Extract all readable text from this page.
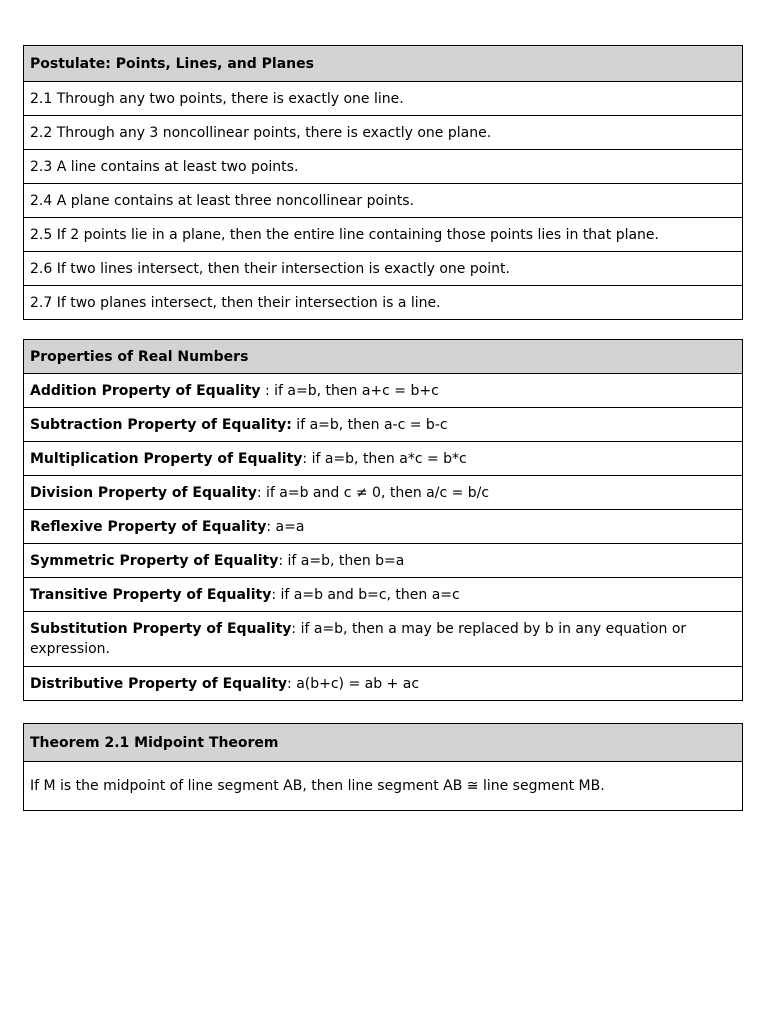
Postulate: Points, Lines, and Planes
2.1 Through any two points, there is exactly one line.
2.2 Through any 3 noncollinear points, there is exactly one plane.
2.3 A line contains at least two points.
2.4 A plane contains at least three noncollinear points.
2.5 If 2 points lie in a plane, then the entire line containing those points lies in that plane.
2.6 If two lines intersect, then their intersection is exactly one point.
2.7 If two planes intersect, then their intersection is a line.
Properties of Real Numbers
Addition Property of Equality : if a=b, then a+c = b+c
Subtraction Property of Equality: if a=b, then a-c = b-c
Multiplication Property of Equality: if a=b, then a*c = b*c
Division Property of Equality: if a=b and c ≠ 0, then a/c = b/c
Reflexive Property of Equality: a=a
Symmetric Property of Equality: if a=b, then b=a
Transitive Property of Equality: if a=b and b=c, then a=c
Substitution Property of Equality: if a=b, then a may be replaced by b in any equation or expression.
Distributive Property of Equality: a(b+c) = ab + ac
Theorem 2.1 Midpoint Theorem
If M is the midpoint of line segment AB, then line segment AB ≅ line segment MB.
